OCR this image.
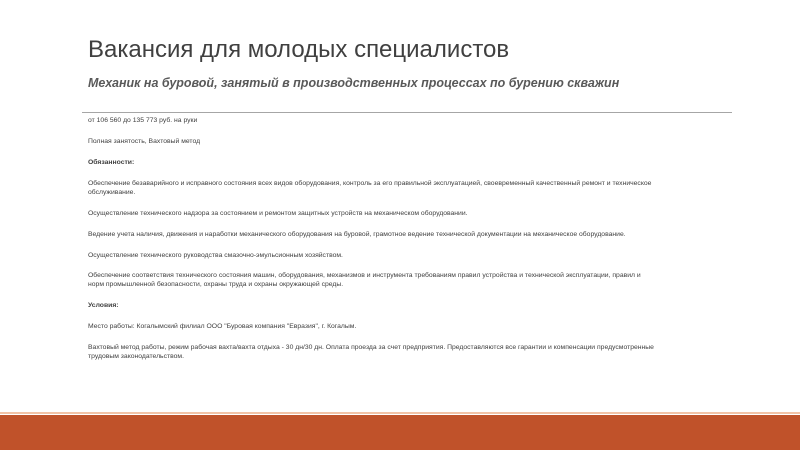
Вакансия для молодых специалистов
Механик на буровой, занятый в производственных процессах по бурению скважин

от 106 560 до 135 773 руб. на руки

Полная занятость, Вахтовый метод

Обязанности:

Обеспечение безаварийного и исправного состояния всех видов оборудования, контроль за его правильной эксплуатацией, своевременный качественный ремонт и техническое обслуживание.

Осуществление технического надзора за состоянием и ремонтом защитных устройств на механическом оборудовании.

Ведение учета наличия, движения и наработки механического оборудования на буровой, грамотное ведение технической документации на механическое оборудование.

Осуществление технического руководства смазочно-эмульсионным хозяйством.

Обеспечение соответствия технического состояния машин, оборудования, механизмов и инструмента требованиям правил устройства и технической эксплуатации, правил и норм промышленной безопасности, охраны труда и охраны окружающей среды.

Условия:

Место работы: Когалымский филиал ООО "Буровая компания "Евразия", г. Когалым.

Вахтовый метод работы, режим рабочая вахта/вахта отдыха - 30 дн/30 дн. Оплата проезда за счет предприятия. Предоставляются все гарантии и компенсации предусмотренные трудовым законодательством.
